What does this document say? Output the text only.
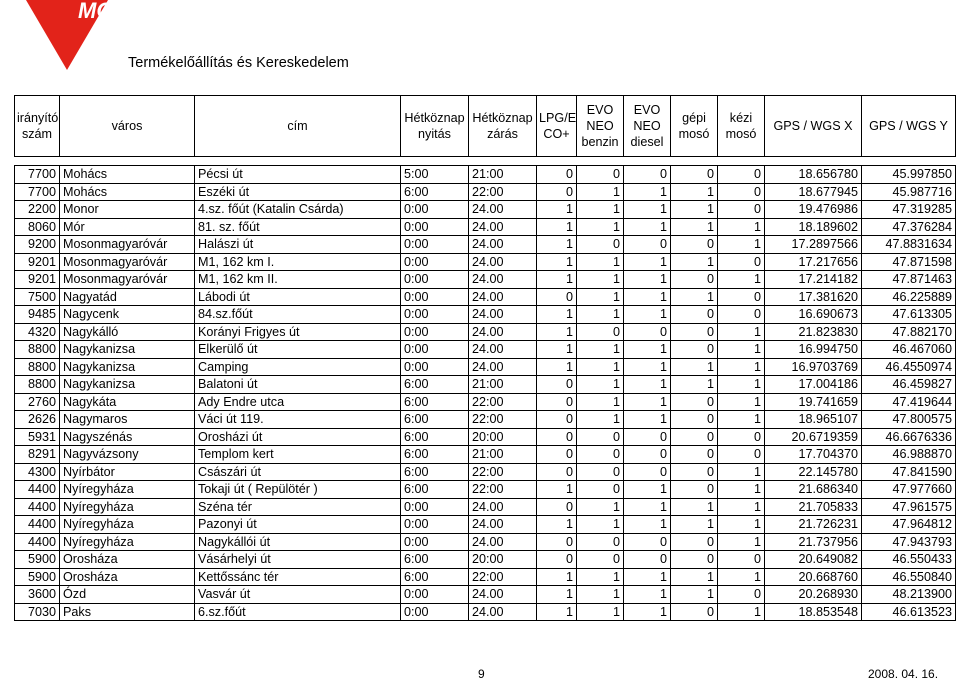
MOL
Termékelőállítás és Kereskedelem
irányító szám	város	cím	Hétköznap nyitás	Hétköznap zárás	LPG/E CO+	EVO NEO benzin	EVO NEO diesel	gépi mosó	kézi mosó	GPS / WGS X	GPS / WGS Y

7700	Mohács	Pécsi út	5:00	21:00	0	0	0	0	0	18.656780	45.997850
7700	Mohács	Eszéki út	6:00	22:00	0	1	1	1	0	18.677945	45.987716
2200	Monor	4.sz. főút (Katalin Csárda)	0:00	24.00	1	1	1	1	0	19.476986	47.319285
8060	Mór	81. sz. főút	0:00	24.00	1	1	1	1	1	18.189602	47.376284
9200	Mosonmagyaróvár	Halászi út	0:00	24.00	1	0	0	0	1	17.2897566	47.8831634
9201	Mosonmagyaróvár	M1, 162 km I.	0:00	24.00	1	1	1	1	0	17.217656	47.871598
9201	Mosonmagyaróvár	M1, 162 km II.	0:00	24.00	1	1	1	0	1	17.214182	47.871463
7500	Nagyatád	Lábodi út	0:00	24.00	0	1	1	1	0	17.381620	46.225889
9485	Nagycenk	84.sz.főút	0:00	24.00	1	1	1	0	0	16.690673	47.613305
4320	Nagykálló	Korányi Frigyes út	0:00	24.00	1	0	0	0	1	21.823830	47.882170
8800	Nagykanizsa	Elkerülő út	0:00	24.00	1	1	1	0	1	16.994750	46.467060
8800	Nagykanizsa	Camping	0:00	24.00	1	1	1	1	1	16.9703769	46.4550974
8800	Nagykanizsa	Balatoni út	6:00	21:00	0	1	1	1	1	17.004186	46.459827
2760	Nagykáta	Ady Endre utca	6:00	22:00	0	1	1	0	1	19.741659	47.419644
2626	Nagymaros	Váci út 119.	6:00	22:00	0	1	1	0	1	18.965107	47.800575
5931	Nagyszénás	Orosházi út	6:00	20:00	0	0	0	0	0	20.6719359	46.6676336
8291	Nagyvázsony	Templom kert	6:00	21:00	0	0	0	0	0	17.704370	46.988870
4300	Nyírbátor	Császári út	6:00	22:00	0	0	0	0	1	22.145780	47.841590
4400	Nyíregyháza	Tokaji út ( Repülötér )	6:00	22:00	1	0	1	0	1	21.686340	47.977660
4400	Nyíregyháza	Széna tér	0:00	24.00	0	1	1	1	1	21.705833	47.961575
4400	Nyíregyháza	Pazonyi út	0:00	24.00	1	1	1	1	1	21.726231	47.964812
4400	Nyíregyháza	Nagykállói út	0:00	24.00	0	0	0	0	1	21.737956	47.943793
5900	Orosháza	Vásárhelyi út	6:00	20:00	0	0	0	0	0	20.649082	46.550433
5900	Orosháza	Kettőssánc tér	6:00	22:00	1	1	1	1	1	20.668760	46.550840
3600	Ózd	Vasvár út	0:00	24.00	1	1	1	1	0	20.268930	48.213900
7030	Paks	6.sz.főút	0:00	24.00	1	1	1	0	1	18.853548	46.613523
9	2008. 04. 16.
